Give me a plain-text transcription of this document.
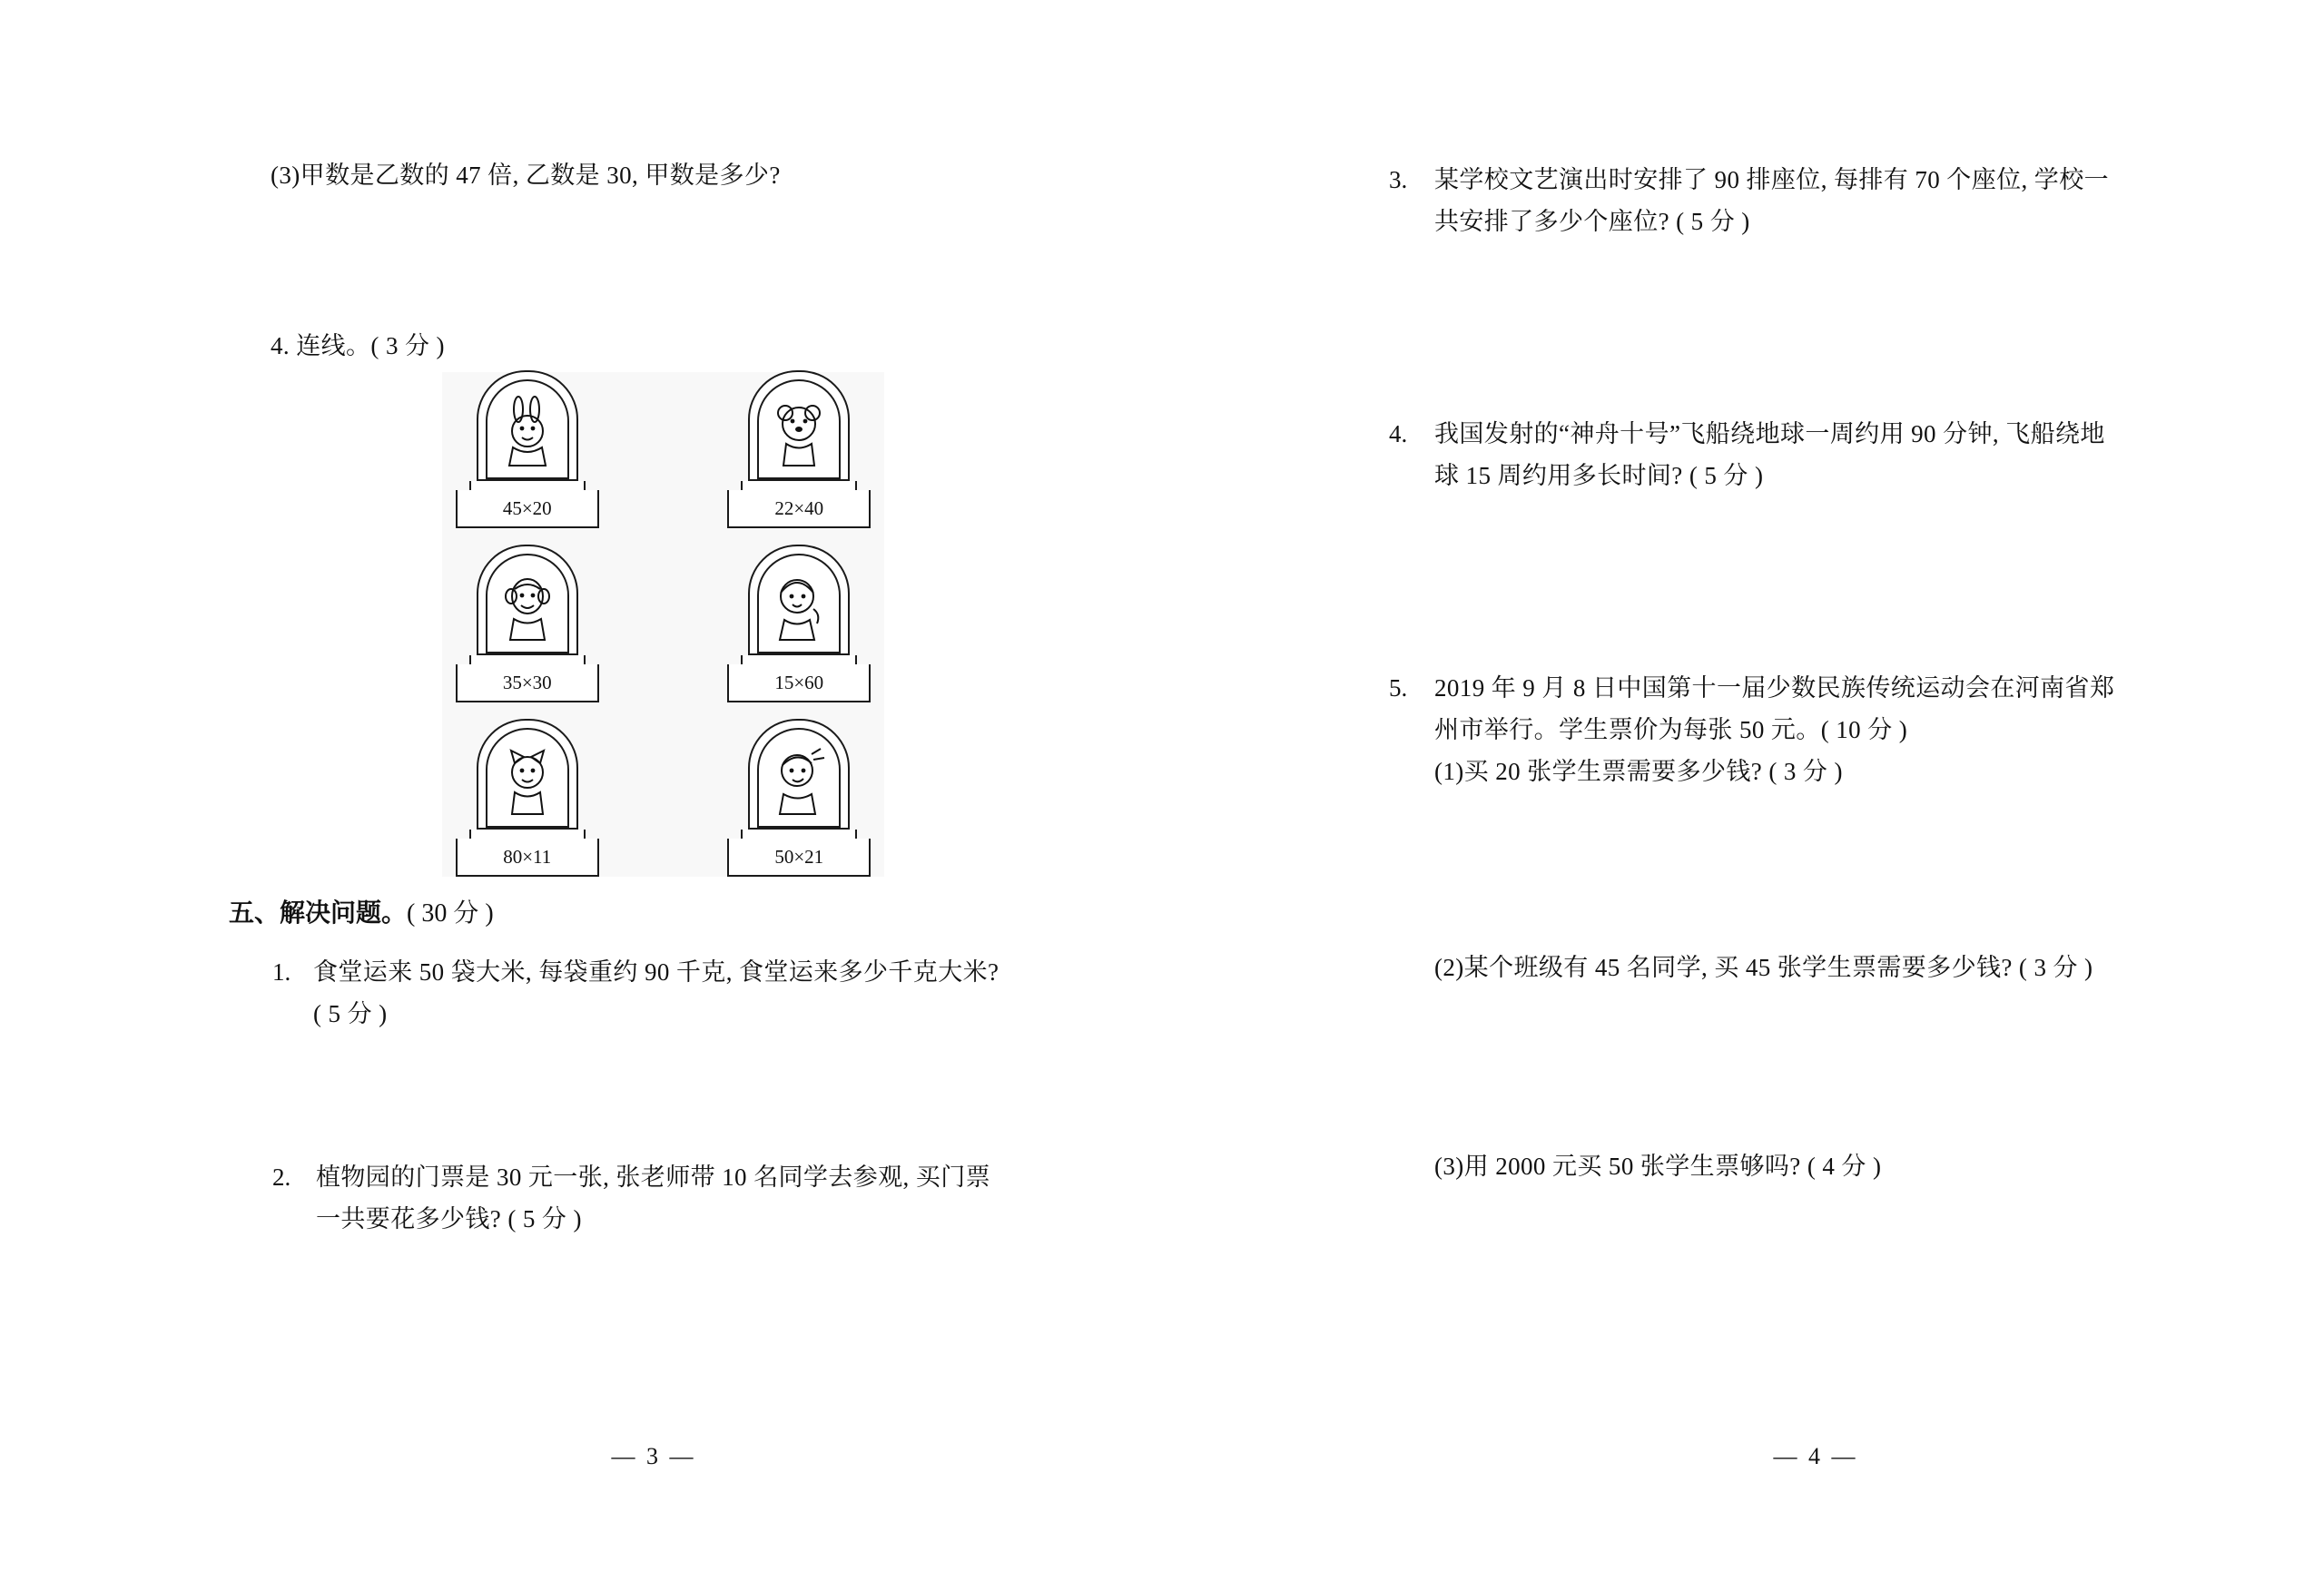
(3)甲数是乙数的 47 倍, 乙数是 30, 甲数是多少?
4. 连线。( 3 分 )
45×20	22×40
35×30	15×60
80×11	50×21
五、解决问题。( 30 分 )
1. 食堂运来 50 袋大米, 每袋重约 90 千克, 食堂运来多少千克大米?
( 5 分 )
2. 植物园的门票是 30 元一张, 张老师带 10 名同学去参观, 买门票
一共要花多少钱? ( 5 分 )
— 3 —
3. 某学校文艺演出时安排了 90 排座位, 每排有 70 个座位, 学校一
共安排了多少个座位? ( 5 分 )
4. 我国发射的“神舟十号”飞船绕地球一周约用 90 分钟, 飞船绕地
球 15 周约用多长时间? ( 5 分 )
5. 2019 年 9 月 8 日中国第十一届少数民族传统运动会在河南省郑
州市举行。学生票价为每张 50 元。( 10 分 )
(1)买 20 张学生票需要多少钱? ( 3 分 )
(2)某个班级有 45 名同学, 买 45 张学生票需要多少钱? ( 3 分 )
(3)用 2000 元买 50 张学生票够吗? ( 4 分 )
— 4 —
